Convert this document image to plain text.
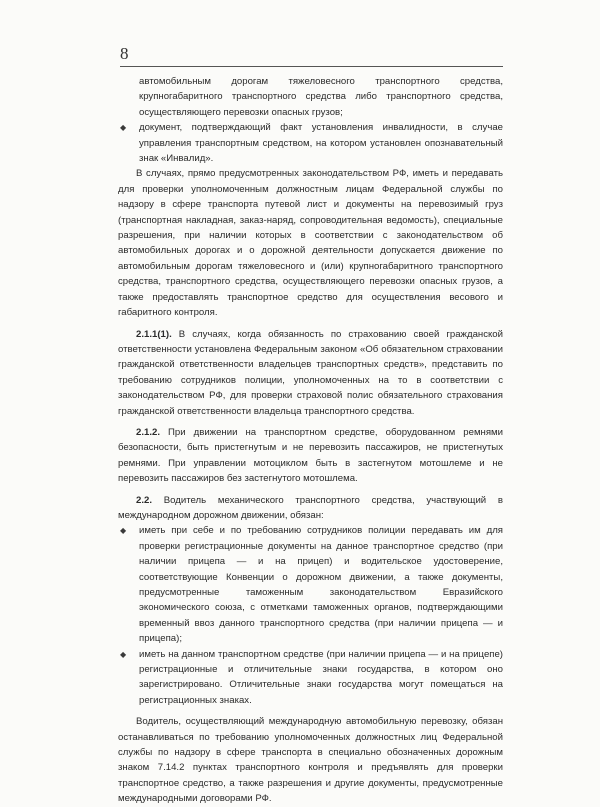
8

автомобильным дорогам тяжеловесного транспортного средства, крупногабаритного транспортного средства либо транспортного средства, осуществляющего перевозки опасных грузов;

◆ документ, подтверждающий факт установления инвалидности, в случае управления транспортным средством, на котором установлен опознавательный знак «Инвалид».

В случаях, прямо предусмотренных законодательством РФ, иметь и передавать для проверки уполномоченным должностным лицам Федеральной службы по надзору в сфере транспорта путевой лист и документы на перевозимый груз (транспортная накладная, заказ-наряд, сопроводительная ведомость), специальные разрешения, при наличии которых в соответствии с законодательством об автомобильных дорогах и о дорожной деятельности допускается движение по автомобильным дорогам тяжеловесного и (или) крупногабаритного транспортного средства, транспортного средства, осуществляющего перевозки опасных грузов, а также предоставлять транспортное средство для осуществления весового и габаритного контроля.

2.1.1(1). В случаях, когда обязанность по страхованию своей гражданской ответственности установлена Федеральным законом «Об обязательном страховании гражданской ответственности владельцев транспортных средств», представить по требованию сотрудников полиции, уполномоченных на то в соответствии с законодательством РФ, для проверки страховой полис обязательного страхования гражданской ответственности владельца транспортного средства.

2.1.2. При движении на транспортном средстве, оборудованном ремнями безопасности, быть пристегнутым и не перевозить пассажиров, не пристегнутых ремнями. При управлении мотоциклом быть в застегнутом мотошлеме и не перевозить пассажиров без застегнутого мотошлема.

2.2. Водитель механического транспортного средства, участвующий в международном дорожном движении, обязан:

◆ иметь при себе и по требованию сотрудников полиции передавать им для проверки регистрационные документы на данное транспортное средство (при наличии прицепа — и на прицеп) и водительское удостоверение, соответствующие Конвенции о дорожном движении, а также документы, предусмотренные таможенным законодательством Евразийского экономического союза, с отметками таможенных органов, подтверждающими временный ввоз данного транспортного средства (при наличии прицепа — и прицепа);

◆ иметь на данном транспортном средстве (при наличии прицепа — и на прицепе) регистрационные и отличительные знаки государства, в котором оно зарегистрировано. Отличительные знаки государства могут помещаться на регистрационных знаках.

Водитель, осуществляющий международную автомобильную перевозку, обязан останавливаться по требованию уполномоченных должностных лиц Федеральной службы по надзору в сфере транспорта в специально обозначенных дорожным знаком 7.14.2 пунктах транспортного контроля и предъявлять для проверки транспортное средство, а также разрешения и другие документы, предусмотренные международными договорами РФ.
